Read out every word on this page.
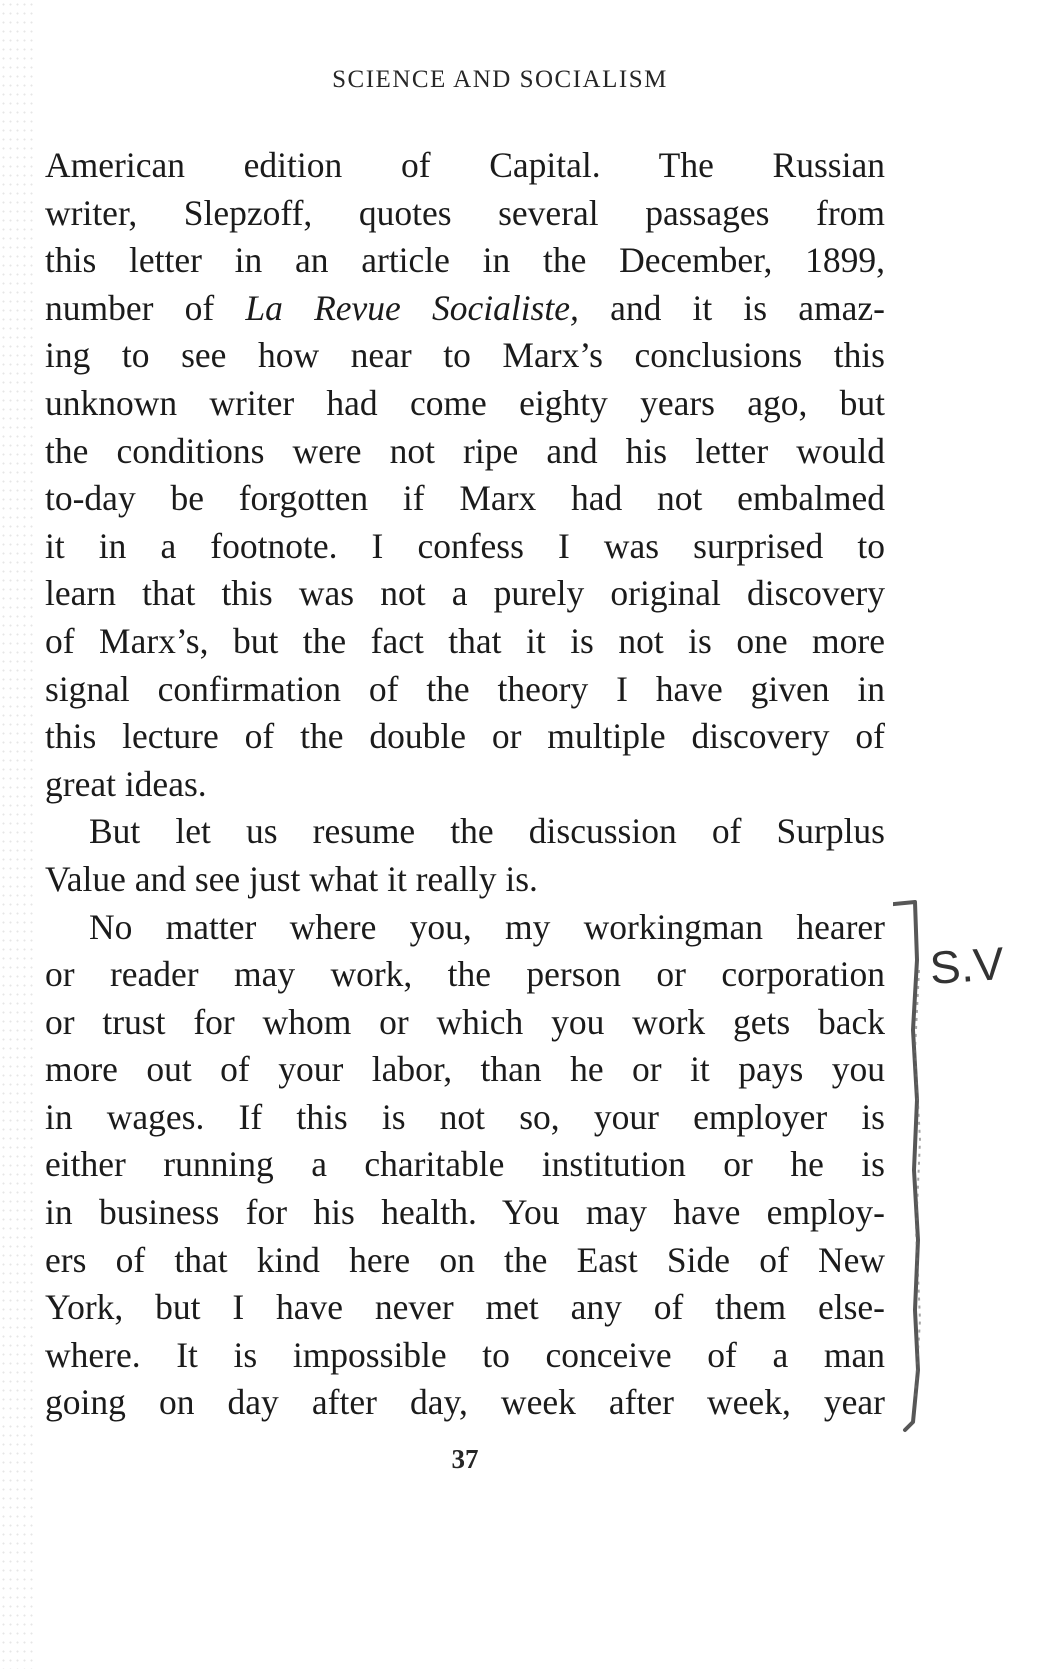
SCIENCE AND SOCIALISM
American edition of Capital. The Russian
writer, Slepzoff, quotes several passages from
this letter in an article in the December, 1899,
number of La Revue Socialiste, and it is amaz-
ing to see how near to Marx’s conclusions this
unknown writer had come eighty years ago, but
the conditions were not ripe and his letter would
to-day be forgotten if Marx had not embalmed
it in a footnote. I confess I was surprised to
learn that this was not a purely original discovery
of Marx’s, but the fact that it is not is one more
signal confirmation of the theory I have given in
this lecture of the double or multiple discovery of
great ideas.
But let us resume the discussion of Surplus
Value and see just what it really is.
No matter where you, my workingman hearer
or reader may work, the person or corporation
or trust for whom or which you work gets back
more out of your labor, than he or it pays you
in wages. If this is not so, your employer is
either running a charitable institution or he is
in business for his health. You may have employ-
ers of that kind here on the East Side of New
York, but I have never met any of them else-
where. It is impossible to conceive of a man
going on day after day, week after week, year
S.V
37
